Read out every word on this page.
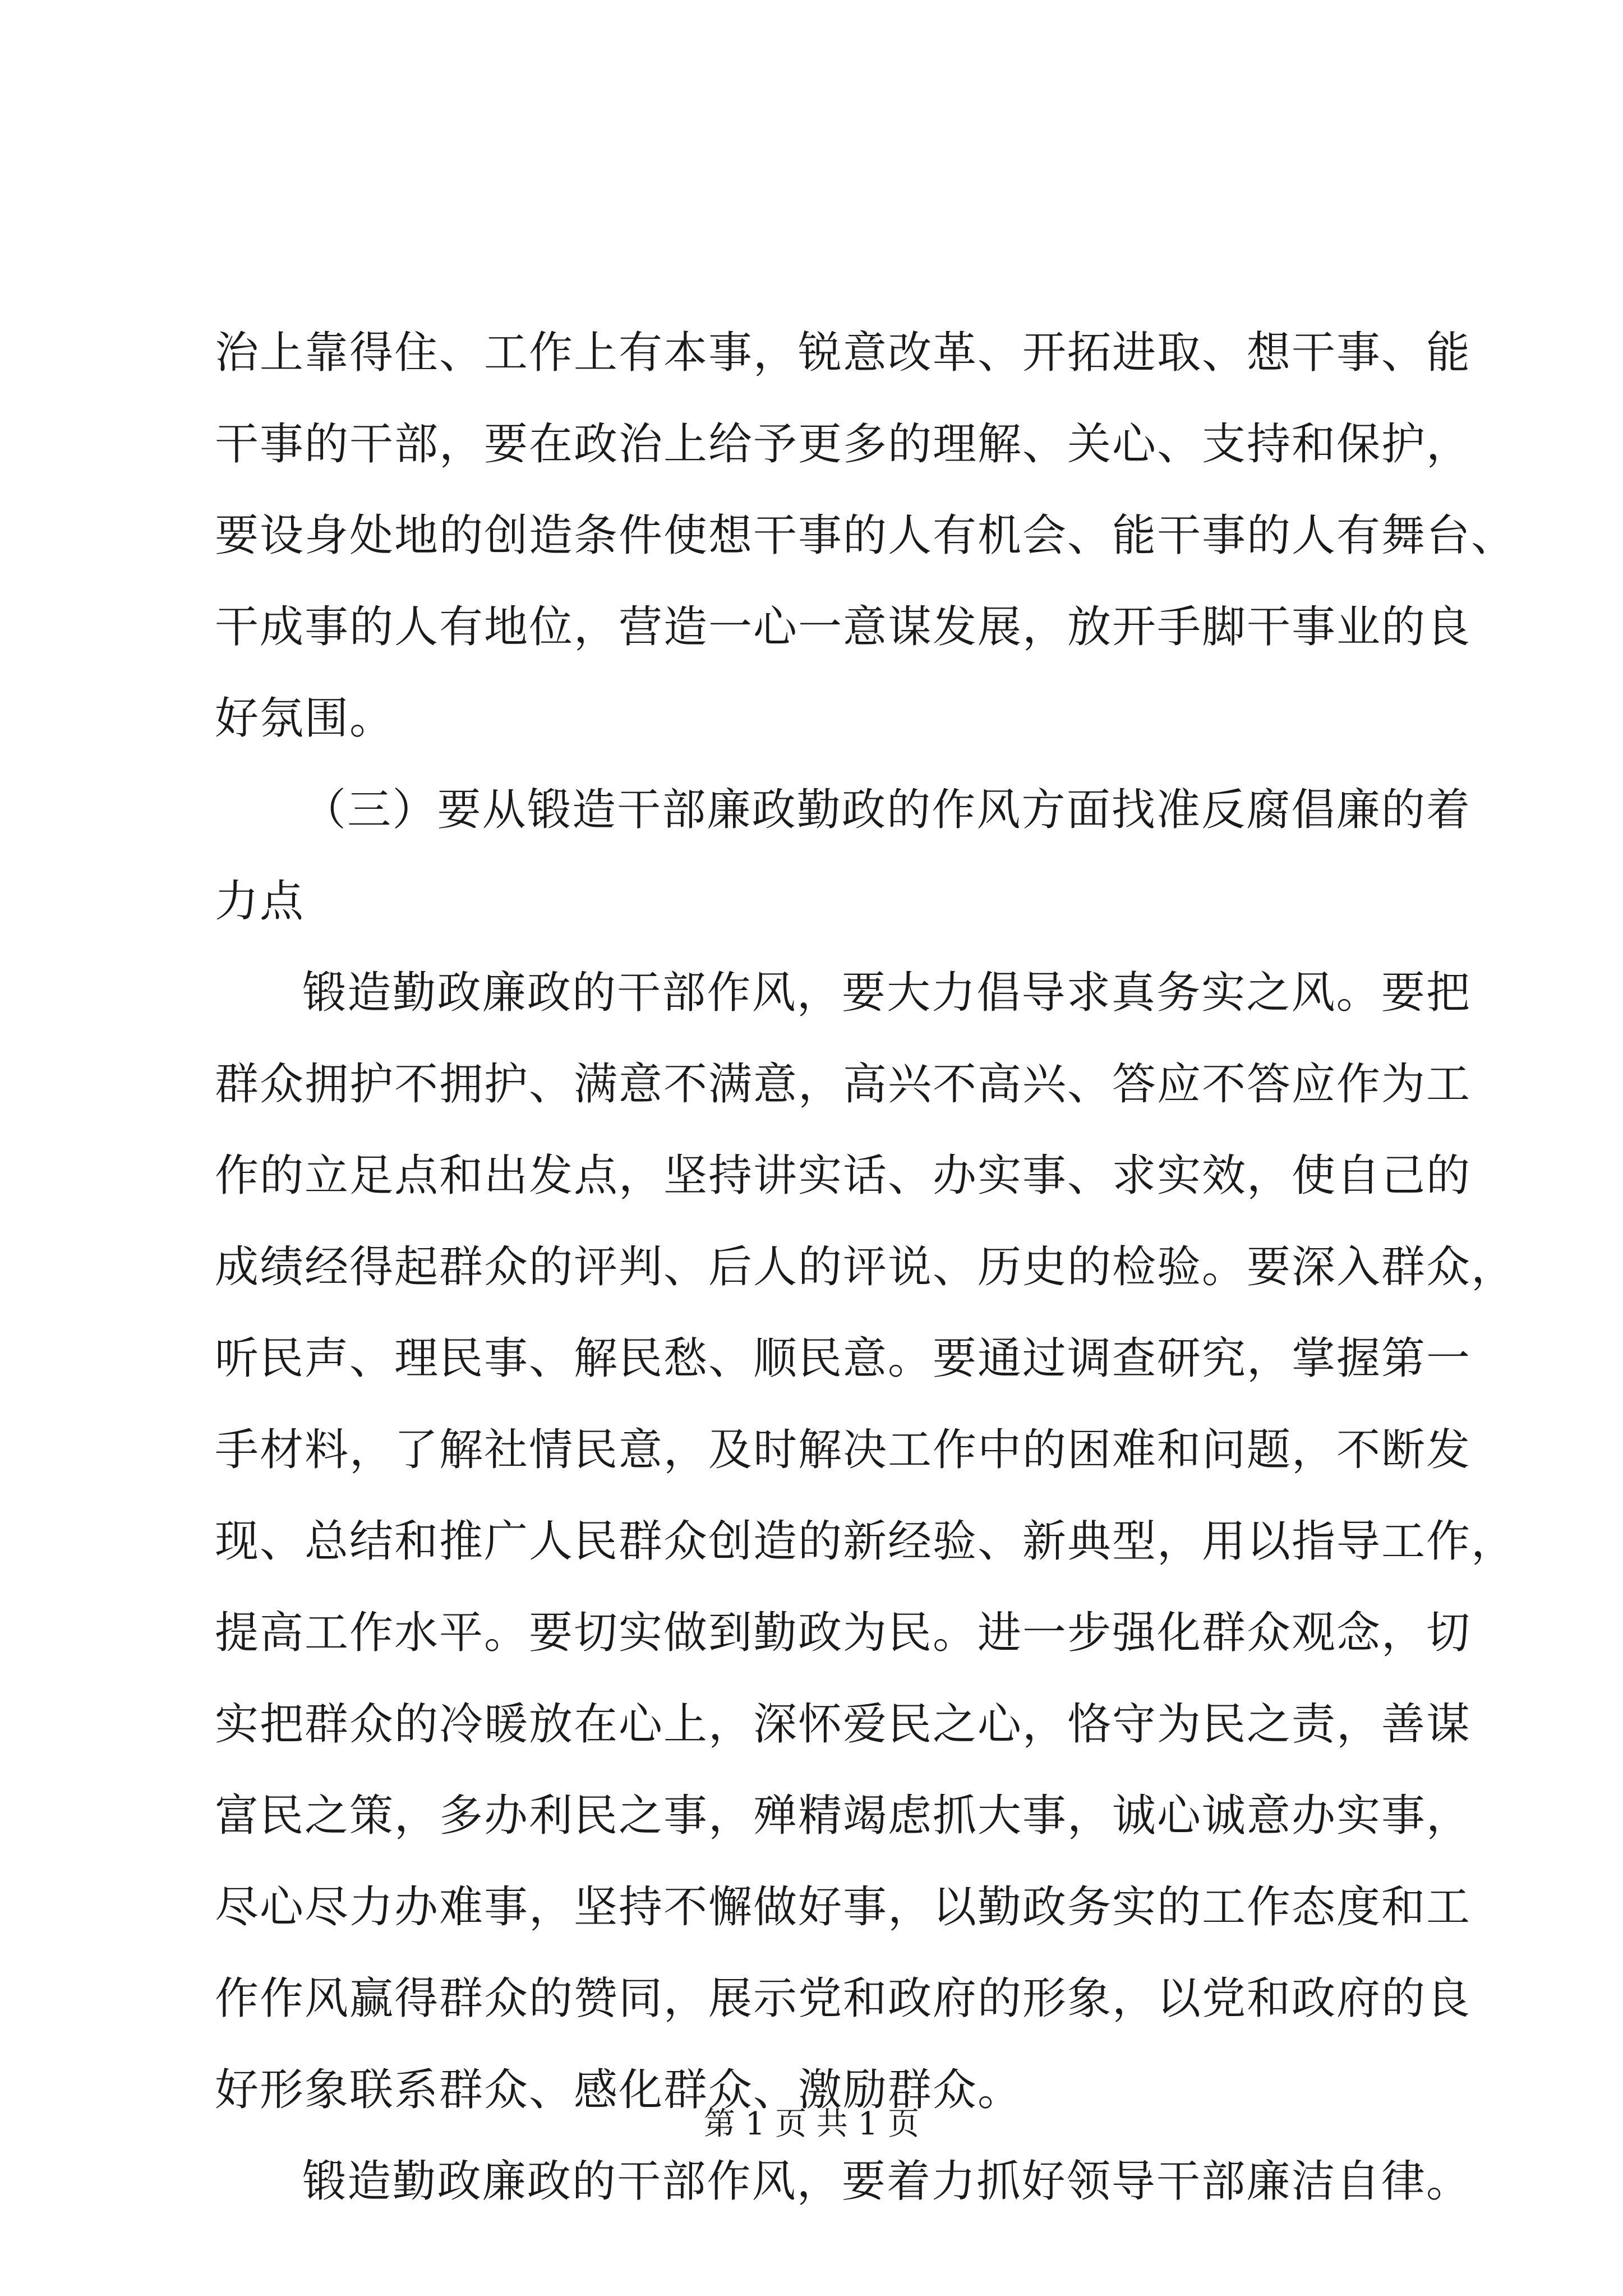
治上靠得住、工作上有本事，锐意改革、开拓进取、想干事、能
干事的干部，要在政治上给予更多的理解、关心、支持和保护，
要设身处地的创造条件使想干事的人有机会、能干事的人有舞台、
干成事的人有地位，营造一心一意谋发展，放开手脚干事业的良
好氛围。
（三）要从锻造干部廉政勤政的作风方面找准反腐倡廉的着
力点
锻造勤政廉政的干部作风，要大力倡导求真务实之风。要把
群众拥护不拥护、满意不满意，高兴不高兴、答应不答应作为工
作的立足点和出发点，坚持讲实话、办实事、求实效，使自己的
成绩经得起群众的评判、后人的评说、历史的检验。要深入群众，
听民声、理民事、解民愁、顺民意。要通过调查研究，掌握第一
手材料，了解社情民意，及时解决工作中的困难和问题，不断发
现、总结和推广人民群众创造的新经验、新典型，用以指导工作，
提高工作水平。要切实做到勤政为民。进一步强化群众观念，切
实把群众的冷暖放在心上，深怀爱民之心，恪守为民之责，善谋
富民之策，多办利民之事，殚精竭虑抓大事，诚心诚意办实事，
尽心尽力办难事，坚持不懈做好事，以勤政务实的工作态度和工
作作风赢得群众的赞同，展示党和政府的形象，以党和政府的良
好形象联系群众、感化群众、激励群众。
锻造勤政廉政的干部作风，要着力抓好领导干部廉洁自律。
第 1 页 共 1 页
